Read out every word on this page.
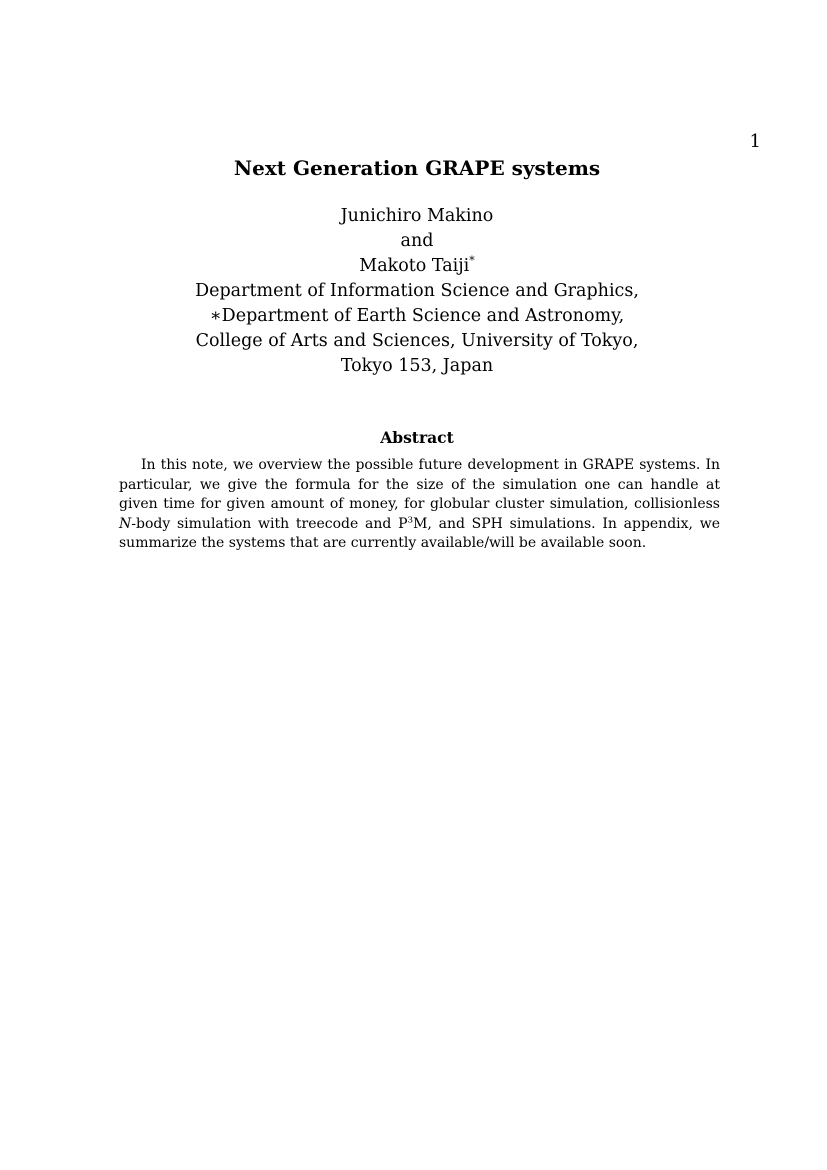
1
Next Generation GRAPE systems
Junichiro Makino
and
Makoto Taiji*
Department of Information Science and Graphics,
∗Department of Earth Science and Astronomy,
College of Arts and Sciences, University of Tokyo,
Tokyo 153, Japan
Abstract

In this note, we overview the possible future development in GRAPE systems. In particular, we give the formula for the size of the simulation one can handle at given time for given amount of money, for globular cluster simulation, collisionless N-body simulation with treecode and $P^3M$, and SPH simulations. In appendix, we summarize the systems that are currently available/will be available soon.
